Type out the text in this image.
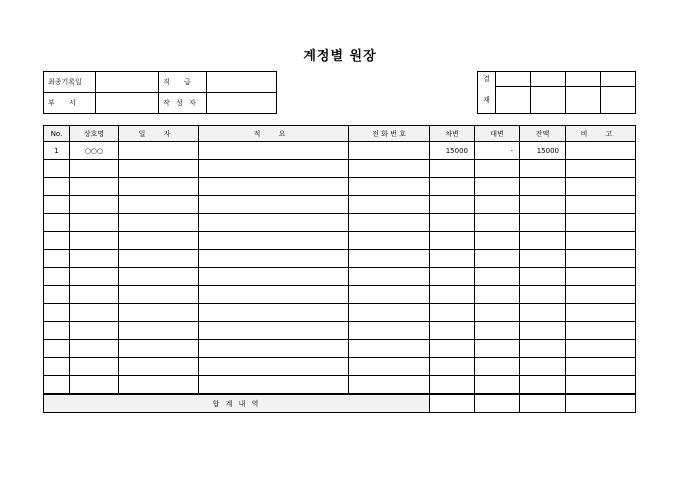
계정별 원장
최종기록일		직 급	
부 서		작 성 자	
결				
재				
No.	상호명	일 자	적 요	전 화 번 호	차변	대변	잔액	비 고
1	○○○				15000	-	15000	

합 계 내 역								
